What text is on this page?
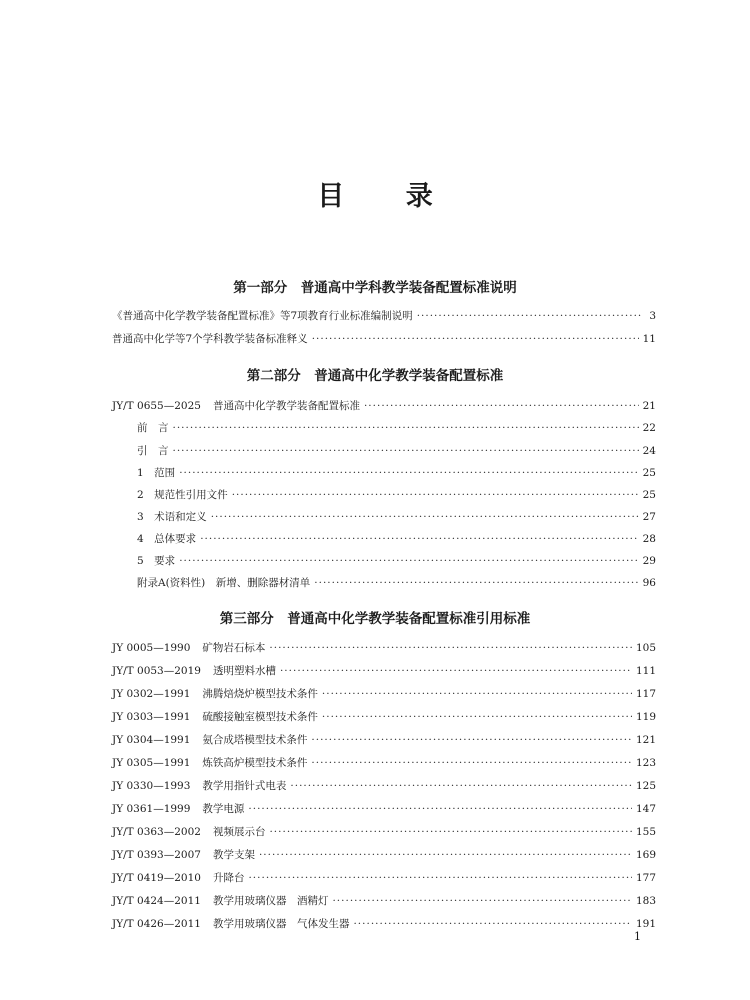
目 录
第一部分　普通高中学科教学装备配置标准说明
《普通高中化学教学装备配置标准》等7项教育行业标准编制说明 ·····	3
普通高中化学等7个学科教学装备标准释义 ·····	11
第二部分　普通高中化学教学装备配置标准
JY/T 0655—2025 普通高中化学教学装备配置标准 ·····	21
前　言 ·····	22
引　言 ·····	24
1　范围 ·····	25
2　规范性引用文件 ·····	25
3　术语和定义 ·····	27
4　总体要求 ·····	28
5　要求 ·····	29
附录A(资料性)　新增、删除器材清单 ·····	96
第三部分　普通高中化学教学装备配置标准引用标准
JY 0005—1990 矿物岩石标本 ·····	105
JY/T 0053—2019 透明塑料水槽 ·····	111
JY 0302—1991 沸腾焙烧炉模型技术条件 ·····	117
JY 0303—1991 硫酸接触室模型技术条件 ·····	119
JY 0304—1991 氨合成塔模型技术条件 ·····	121
JY 0305—1991 炼铁高炉模型技术条件 ·····	123
JY 0330—1993 教学用指针式电表 ·····	125
JY 0361—1999 教学电源 ·····	147
JY/T 0363—2002 视频展示台 ·····	155
JY/T 0393—2007 教学支架 ·····	169
JY/T 0419—2010 升降台 ·····	177
JY/T 0424—2011 教学用玻璃仪器　酒精灯 ·····	183
JY/T 0426—2011 教学用玻璃仪器　气体发生器 ·····	191
1
